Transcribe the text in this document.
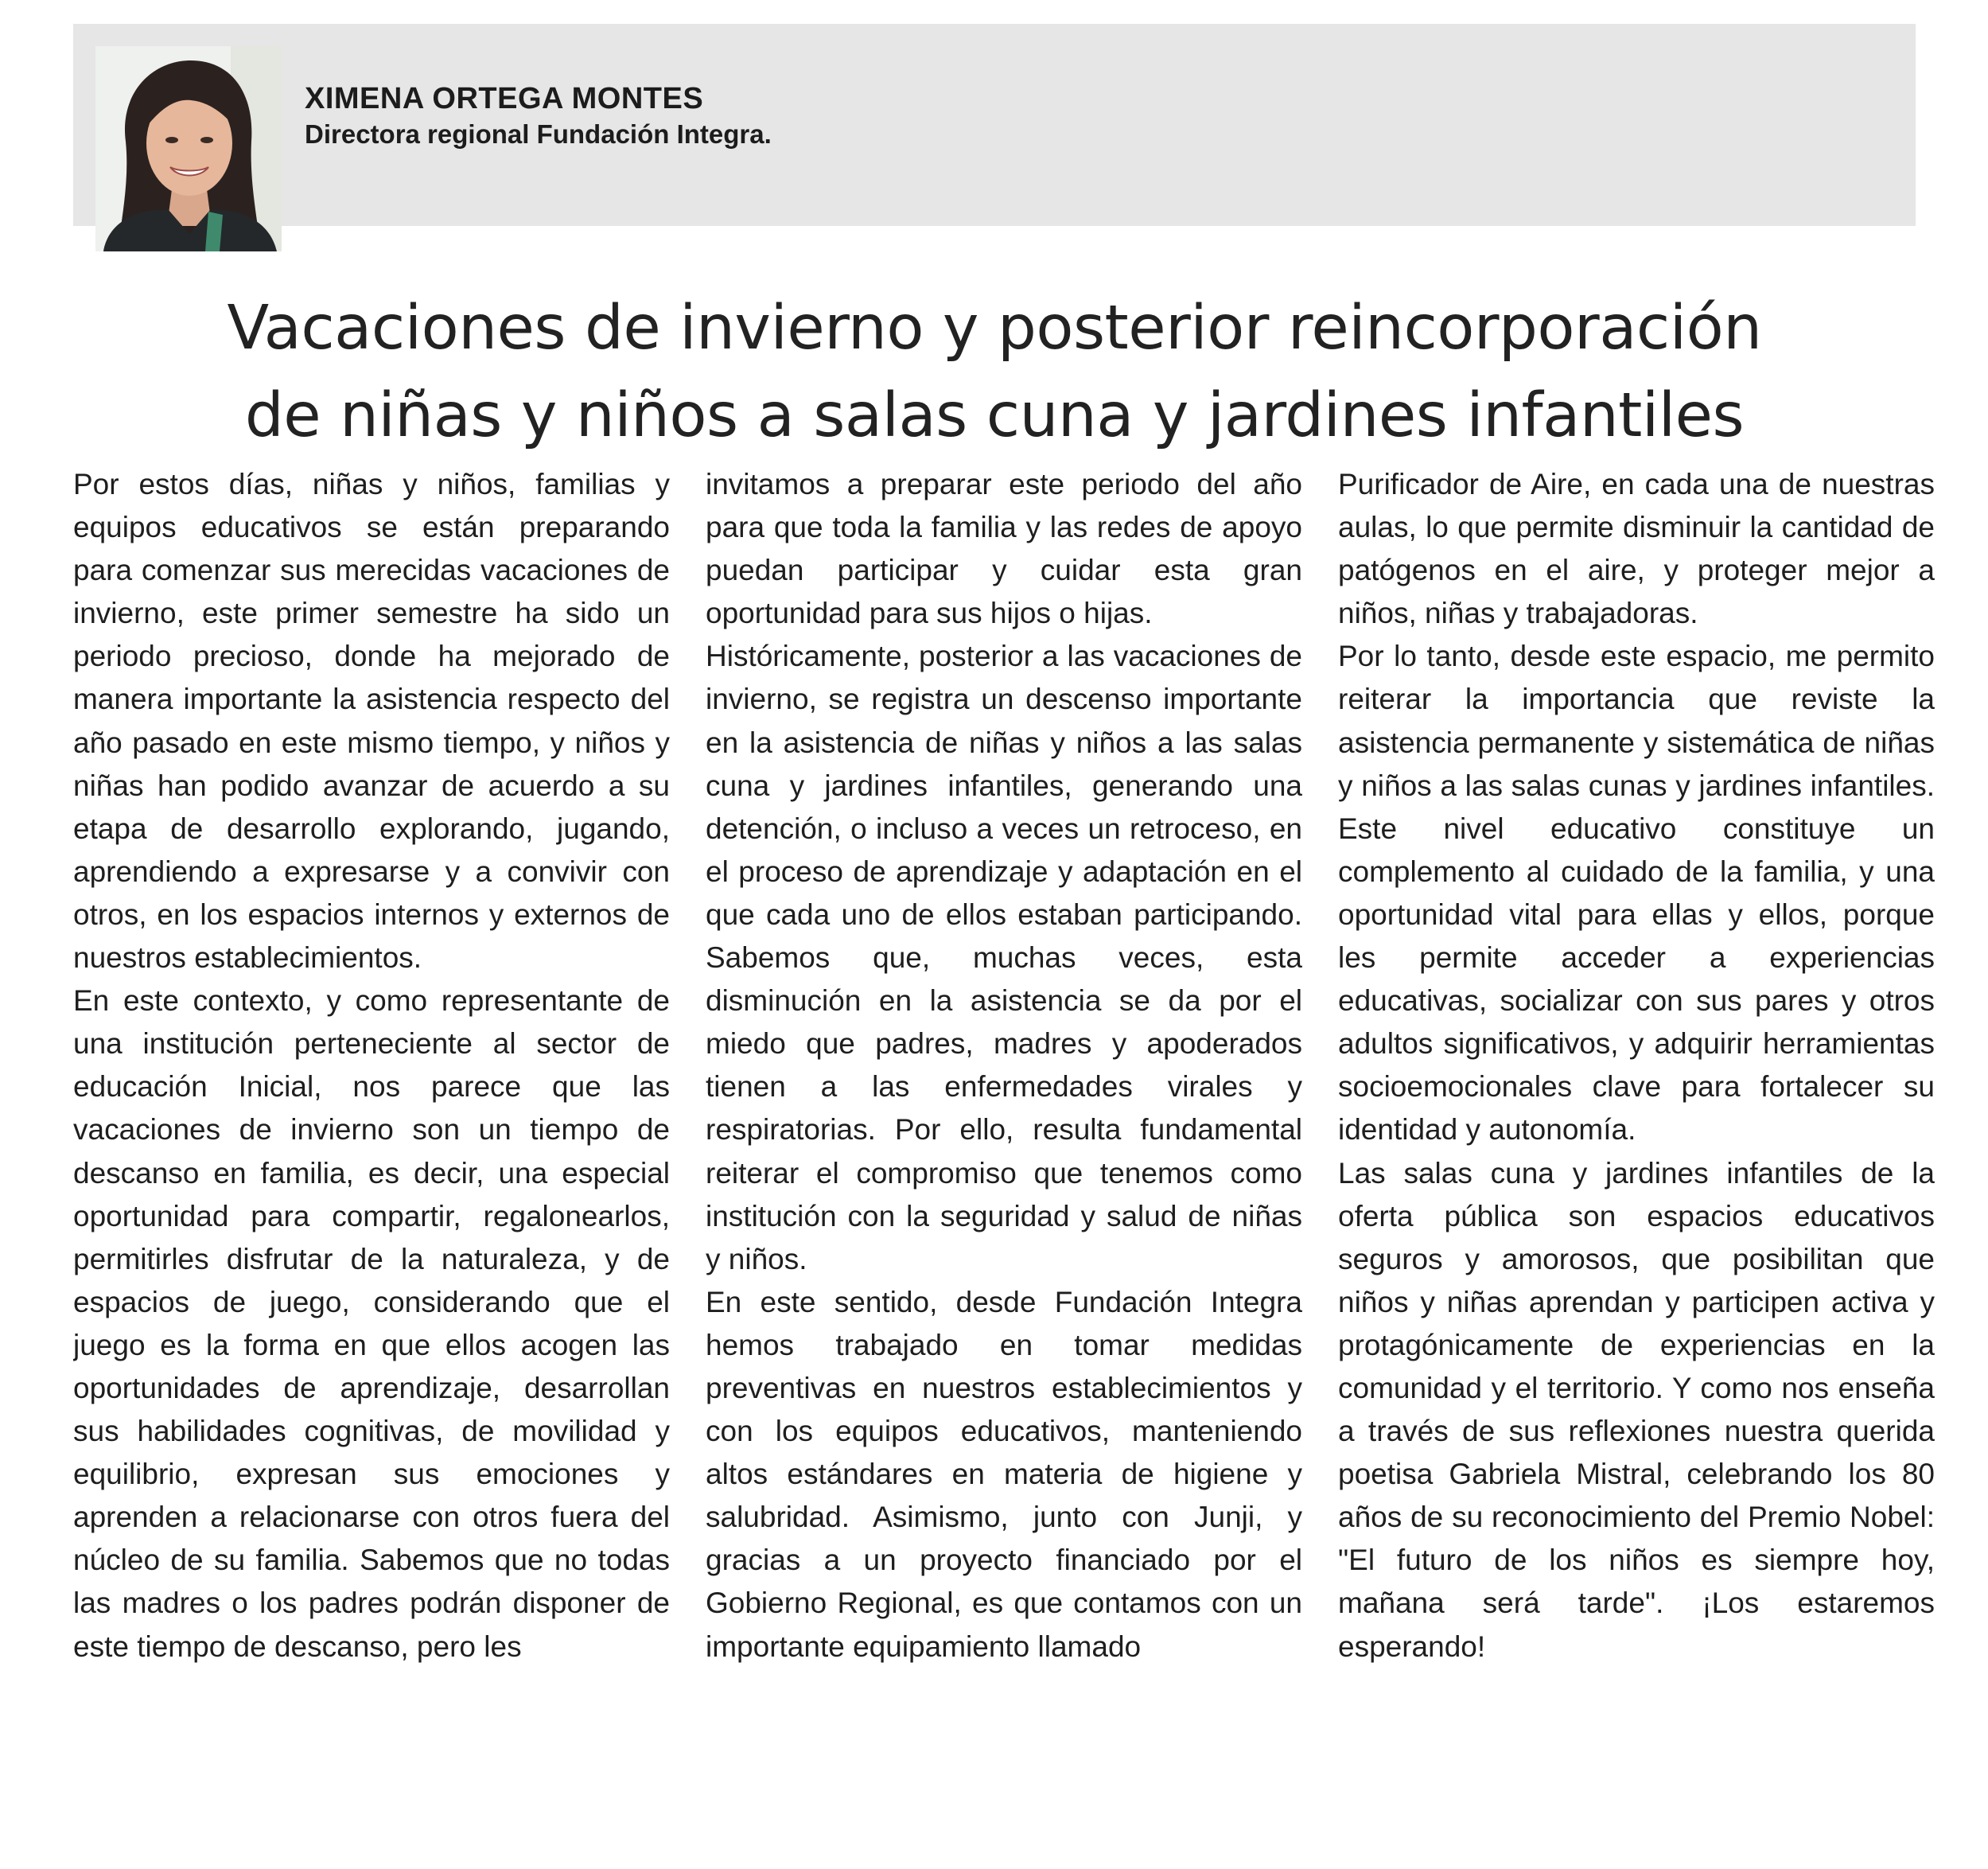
XIMENA ORTEGA MONTES
Directora regional Fundación Integra.
Vacaciones de invierno y posterior reincorporación
de niñas y niños a salas cuna y jardines infantiles

Por estos días, niñas y niños, familias y equipos educativos se están preparando para comenzar sus merecidas vacaciones de invierno, este primer semestre ha sido un periodo precioso, donde ha mejorado de manera importante la asistencia respecto del año pasado en este mismo tiempo, y niños y niñas han podido avanzar de acuerdo a su etapa de desarrollo explorando, jugando, aprendiendo a expresarse y a convivir con otros, en los espacios internos y externos de nuestros establecimientos.

En este contexto, y como representante de una institución perteneciente al sector de educación Inicial, nos parece que las vacaciones de invierno son un tiempo de descanso en familia, es decir, una especial oportunidad para compartir, regalonearlos, permitirles disfrutar de la naturaleza, y de espacios de juego, considerando que el juego es la forma en que ellos acogen las oportunidades de aprendizaje, desarrollan sus habilidades cognitivas, de movilidad y equilibrio, expresan sus emociones y aprenden a relacionarse con otros fuera del núcleo de su familia. Sabemos que no todas las madres o los padres podrán disponer de este tiempo de descanso, pero les

invitamos a preparar este periodo del año para que toda la familia y las redes de apoyo puedan participar y cuidar esta gran oportunidad para sus hijos o hijas.

Históricamente, posterior a las vacaciones de invierno, se registra un descenso importante en la asistencia de niñas y niños a las salas cuna y jardines infantiles, generando una detención, o incluso a veces un retroceso, en el proceso de aprendizaje y adaptación en el que cada uno de ellos estaban participando. Sabemos que, muchas veces, esta disminución en la asistencia se da por el miedo que padres, madres y apoderados tienen a las enfermedades virales y respiratorias. Por ello, resulta fundamental reiterar el compromiso que tenemos como institución con la seguridad y salud de niñas y niños.

En este sentido, desde Fundación Integra hemos trabajado en tomar medidas preventivas en nuestros establecimientos y con los equipos educativos, manteniendo altos estándares en materia de higiene y salubridad. Asimismo, junto con Junji, y gracias a un proyecto financiado por el Gobierno Regional, es que contamos con un importante equipamiento llamado

Purificador de Aire, en cada una de nuestras aulas, lo que permite disminuir la cantidad de patógenos en el aire, y proteger mejor a niños, niñas y trabajadoras.

Por lo tanto, desde este espacio, me permito reiterar la importancia que reviste la asistencia permanente y sistemática de niñas y niños a las salas cunas y jardines infantiles. Este nivel educativo constituye un complemento al cuidado de la familia, y una oportunidad vital para ellas y ellos, porque les permite acceder a experiencias educativas, socializar con sus pares y otros adultos significativos, y adquirir herramientas socioemocionales clave para fortalecer su identidad y autonomía.

Las salas cuna y jardines infantiles de la oferta pública son espacios educativos seguros y amorosos, que posibilitan que niños y niñas aprendan y participen activa y protagónicamente de experiencias en la comunidad y el territorio. Y como nos enseña a través de sus reflexiones nuestra querida poetisa Gabriela Mistral, celebrando los 80 años de su reconocimiento del Premio Nobel: "El futuro de los niños es siempre hoy, mañana será tarde". ¡Los estaremos esperando!
